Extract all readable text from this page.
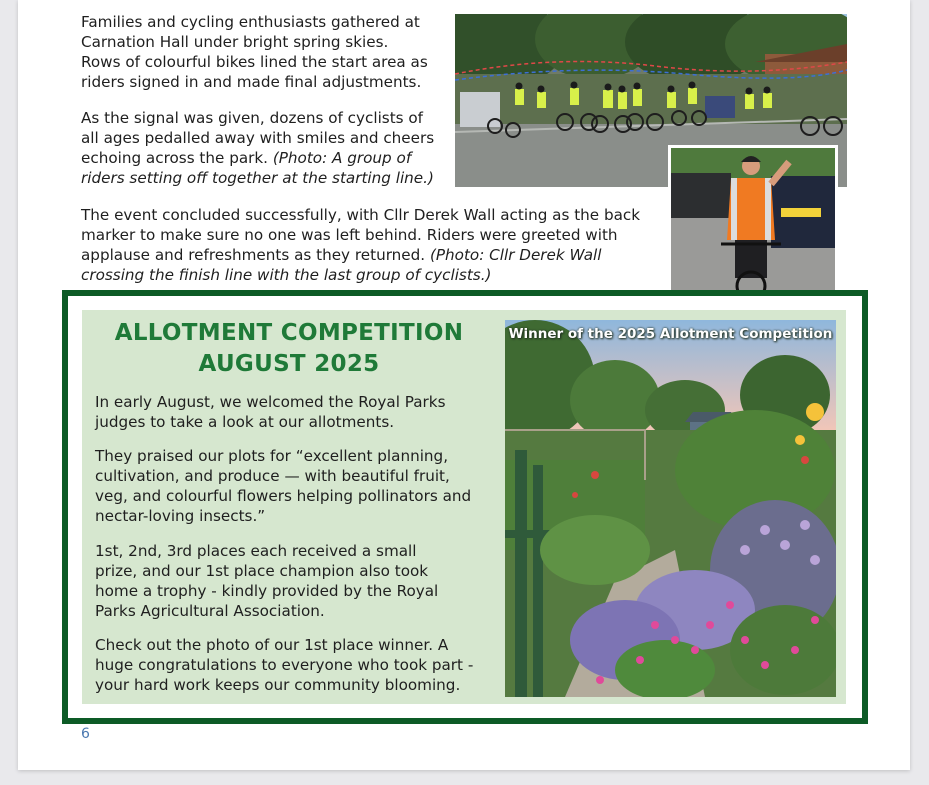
Families and cycling enthusiasts gathered at Carnation Hall under bright spring skies. Rows of colourful bikes lined the start area as riders signed in and made final adjustments.

As the signal was given, dozens of cyclists of all ages pedalled away with smiles and cheers echoing across the park. (Photo: A group of riders setting off together at the starting line.)

The event concluded successfully, with Cllr Derek Wall acting as the back marker to make sure no one was left behind. Riders were greeted with applause and refreshments as they returned. (Photo: Cllr Derek Wall crossing the finish line with the last group of cyclists.)

ALLOTMENT COMPETITION
AUGUST 2025

In early August, we welcomed the Royal Parks judges to take a look at our allotments.

They praised our plots for “excellent planning, cultivation, and produce — with beautiful fruit, veg, and colourful flowers helping pollinators and nectar-loving insects.”

1st, 2nd, 3rd places each received a small prize, and our 1st place champion also took home a trophy - kindly provided by the Royal Parks Agricultural Association.

Check out the photo of our 1st place winner. A huge congratulations to everyone who took part - your hard work keeps our community blooming.

Winner of the 2025 Allotment Competition
6
